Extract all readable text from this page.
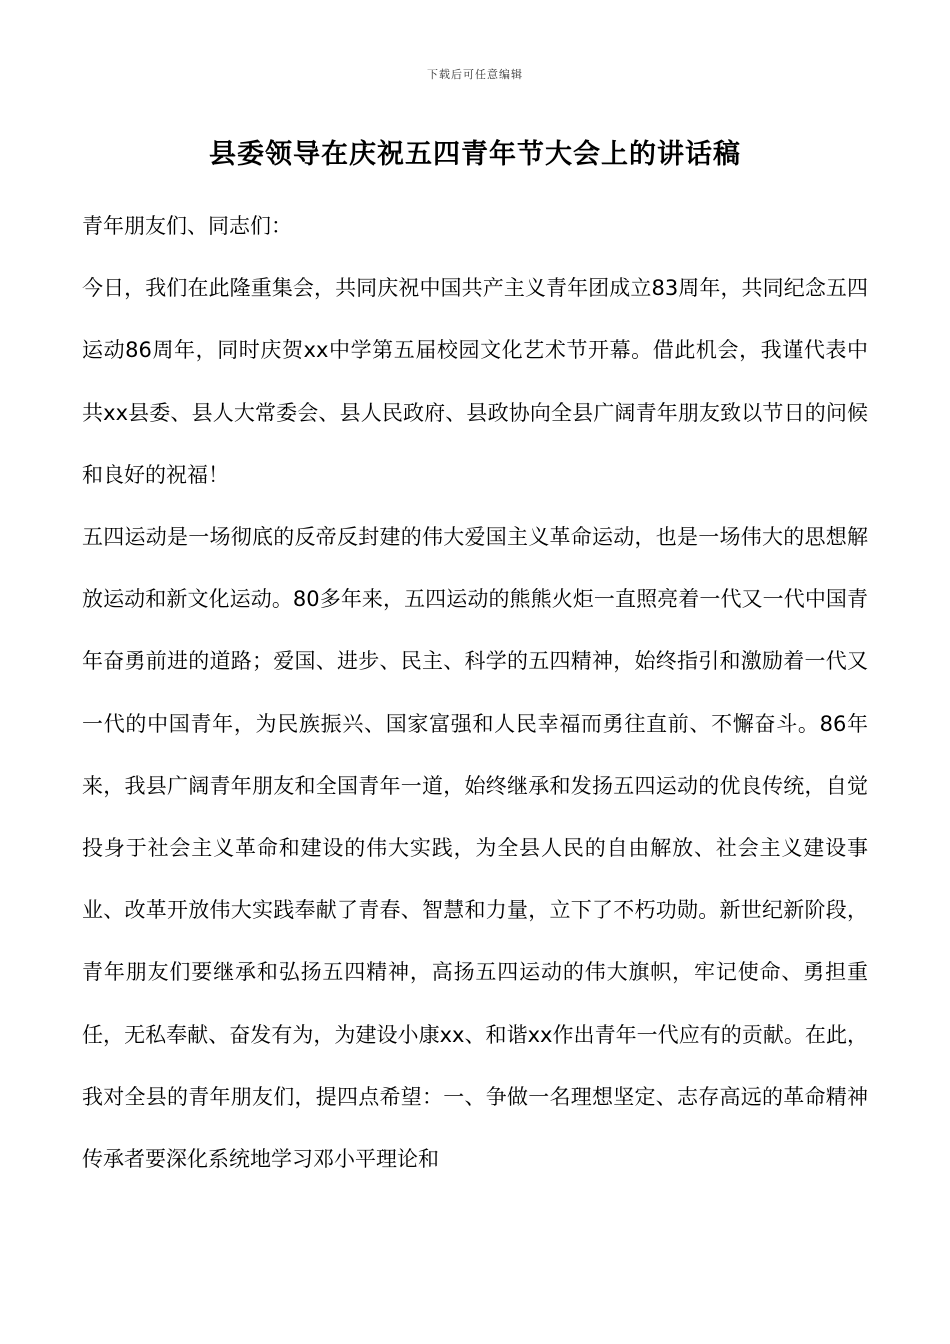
下载后可任意编辑
县委领导在庆祝五四青年节大会上的讲话稿

青年朋友们、同志们：

今日，我们在此隆重集会，共同庆祝中国共产主义青年团成立83周年，共同纪念五四运动86周年，同时庆贺xx中学第五届校园文化艺术节开幕。借此机会，我谨代表中共xx县委、县人大常委会、县人民政府、县政协向全县广阔青年朋友致以节日的问候和良好的祝福！

五四运动是一场彻底的反帝反封建的伟大爱国主义革命运动，也是一场伟大的思想解放运动和新文化运动。80多年来，五四运动的熊熊火炬一直照亮着一代又一代中国青年奋勇前进的道路；爱国、进步、民主、科学的五四精神，始终指引和激励着一代又一代的中国青年，为民族振兴、国家富强和人民幸福而勇往直前、不懈奋斗。86年来，我县广阔青年朋友和全国青年一道，始终继承和发扬五四运动的优良传统，自觉投身于社会主义革命和建设的伟大实践，为全县人民的自由解放、社会主义建设事业、改革开放伟大实践奉献了青春、智慧和力量，立下了不朽功勋。新世纪新阶段，青年朋友们要继承和弘扬五四精神，高扬五四运动的伟大旗帜，牢记使命、勇担重任，无私奉献、奋发有为，为建设小康xx、和谐xx作出青年一代应有的贡献。在此，我对全县的青年朋友们，提四点希望：一、争做一名理想坚定、志存高远的革命精神传承者要深化系统地学习邓小平理论和
